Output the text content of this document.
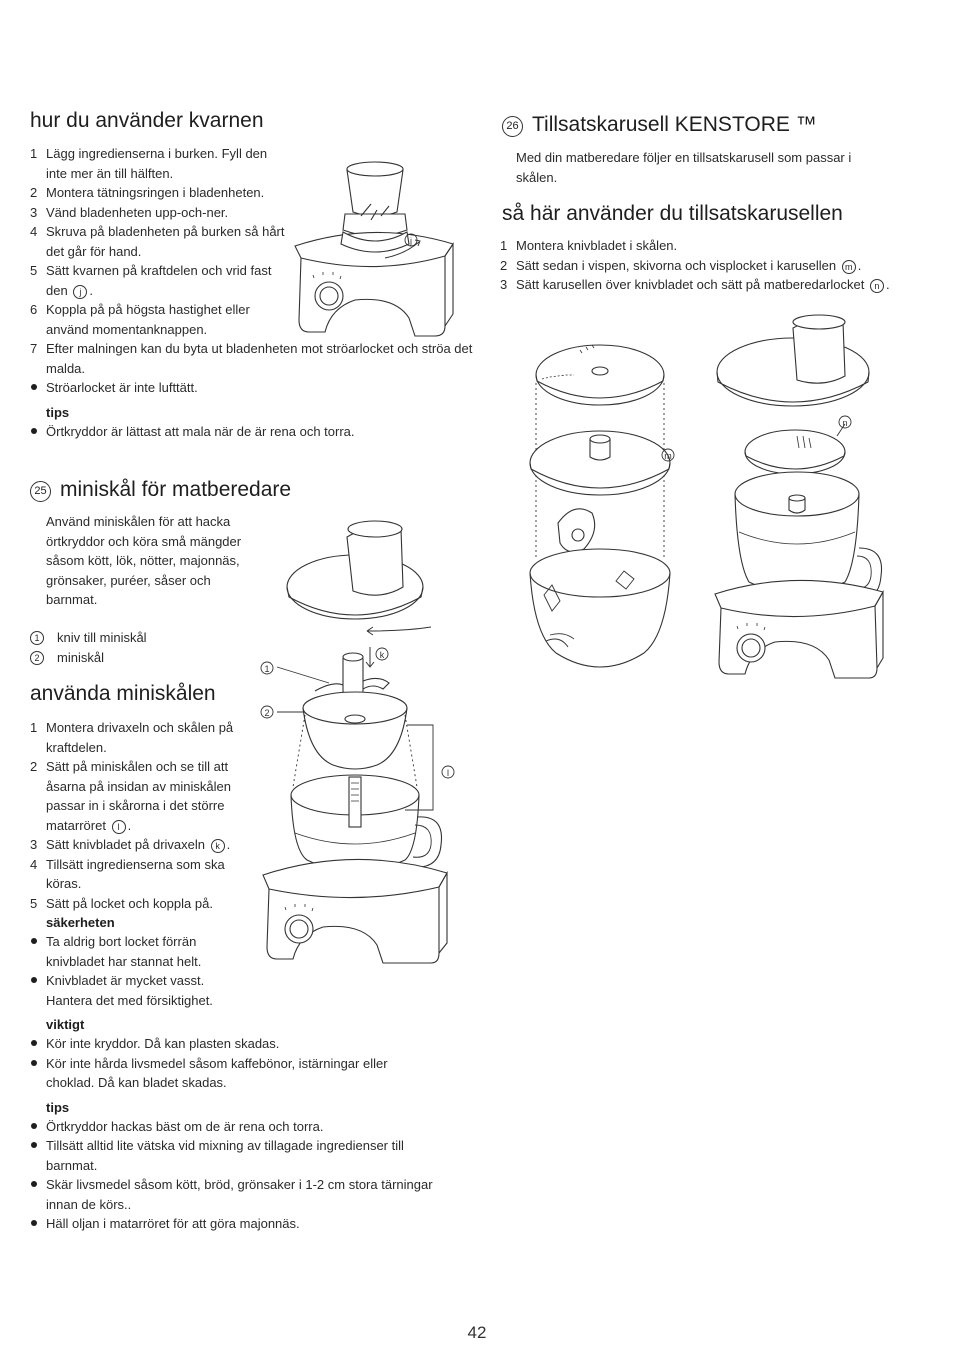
hur du använder kvarnen
1 Lägg ingredienserna i burken. Fyll den inte mer än till hälften.
2 Montera tätningsringen i bladenheten.
3 Vänd bladenheten upp-och-ner.
4 Skruva på bladenheten på burken så hårt det går för hand.
5 Sätt kvarnen på kraftdelen och vrid fast den j .
6 Koppla på på högsta hastighet eller använd momentanknappen.
7 Efter malningen kan du byta ut bladenheten mot ströarlocket och ströa det malda.
Ströarlocket är inte lufttätt.
tips
Örtkryddor är lättast att mala när de är rena och torra.
j
25 miniskål för matberedare
Använd miniskålen för att hacka örtkryddor och köra små mängder såsom kött, lök, nötter, majonnäs, grönsaker, puréer, såser och barnmat.
1	kniv till miniskål
2	miniskål
använda miniskålen
1 Montera drivaxeln och skålen på kraftdelen.
2 Sätt på miniskålen och se till att åsarna på insidan av miniskålen passar in i skårorna i det större matarröret l .
3 Sätt knivbladet på drivaxeln k .
4 Tillsätt ingredienserna som ska köras.
5 Sätt på locket och koppla på.
säkerheten
Ta aldrig bort locket förrän knivbladet har stannat helt.
Knivbladet är mycket vasst. Hantera det med försiktighet.
viktigt
Kör inte kryddor. Då kan plasten skadas.
Kör inte hårda livsmedel såsom kaffebönor, istärningar eller choklad. Då kan bladet skadas.
tips
Örtkryddor hackas bäst om de är rena och torra.
Tillsätt alltid lite vätska vid mixning av tillagade ingredienser till barnmat.
Skär livsmedel såsom kött, bröd, grönsaker i 1-2 cm stora tärningar innan de körs..
Häll oljan i matarröret för att göra majonnäs.
k
1
2
l
26 Tillsatskarusell KENSTORE ™
Med din matberedare följer en tillsatskarusell som passar i skålen.
så här använder du tillsatskarusellen
1 Montera knivbladet i skålen.
2 Sätt sedan i vispen, skivorna och visplocket i karusellen m .
3 Sätt karusellen över knivbladet och sätt på matberedarlocket n .
m
n
42
